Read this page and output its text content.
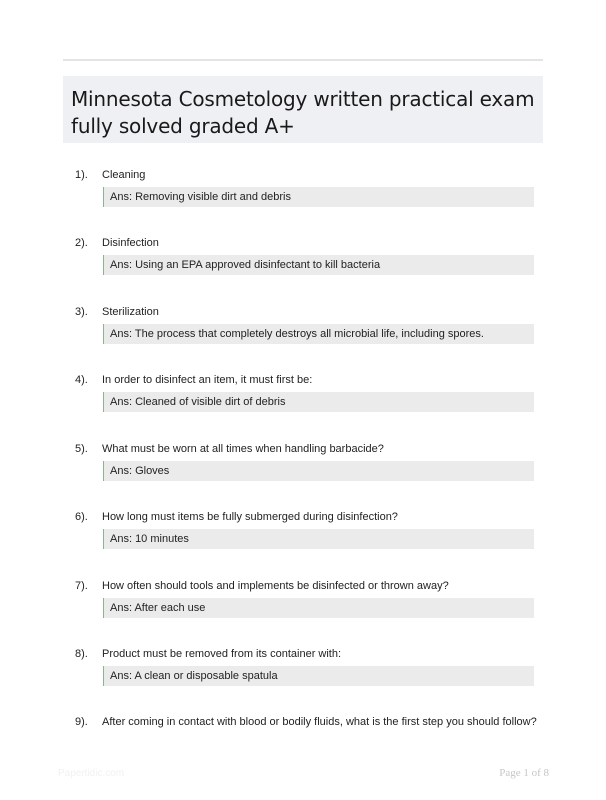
Minnesota Cosmetology written practical exam fully solved graded A+
1). Cleaning
Ans: Removing visible dirt and debris
2). Disinfection
Ans: Using an EPA approved disinfectant to kill bacteria
3). Sterilization
Ans: The process that completely destroys all microbial life, including spores.
4). In order to disinfect an item, it must first be:
Ans: Cleaned of visible dirt of debris
5). What must be worn at all times when handling barbacide?
Ans: Gloves
6). How long must items be fully submerged during disinfection?
Ans: 10 minutes
7). How often should tools and implements be disinfected or thrown away?
Ans: After each use
8). Product must be removed from its container with:
Ans: A clean or disposable spatula
9). After coming in contact with blood or bodily fluids, what is the first step you should follow?
Papertidic.com	Page 1 of 8
